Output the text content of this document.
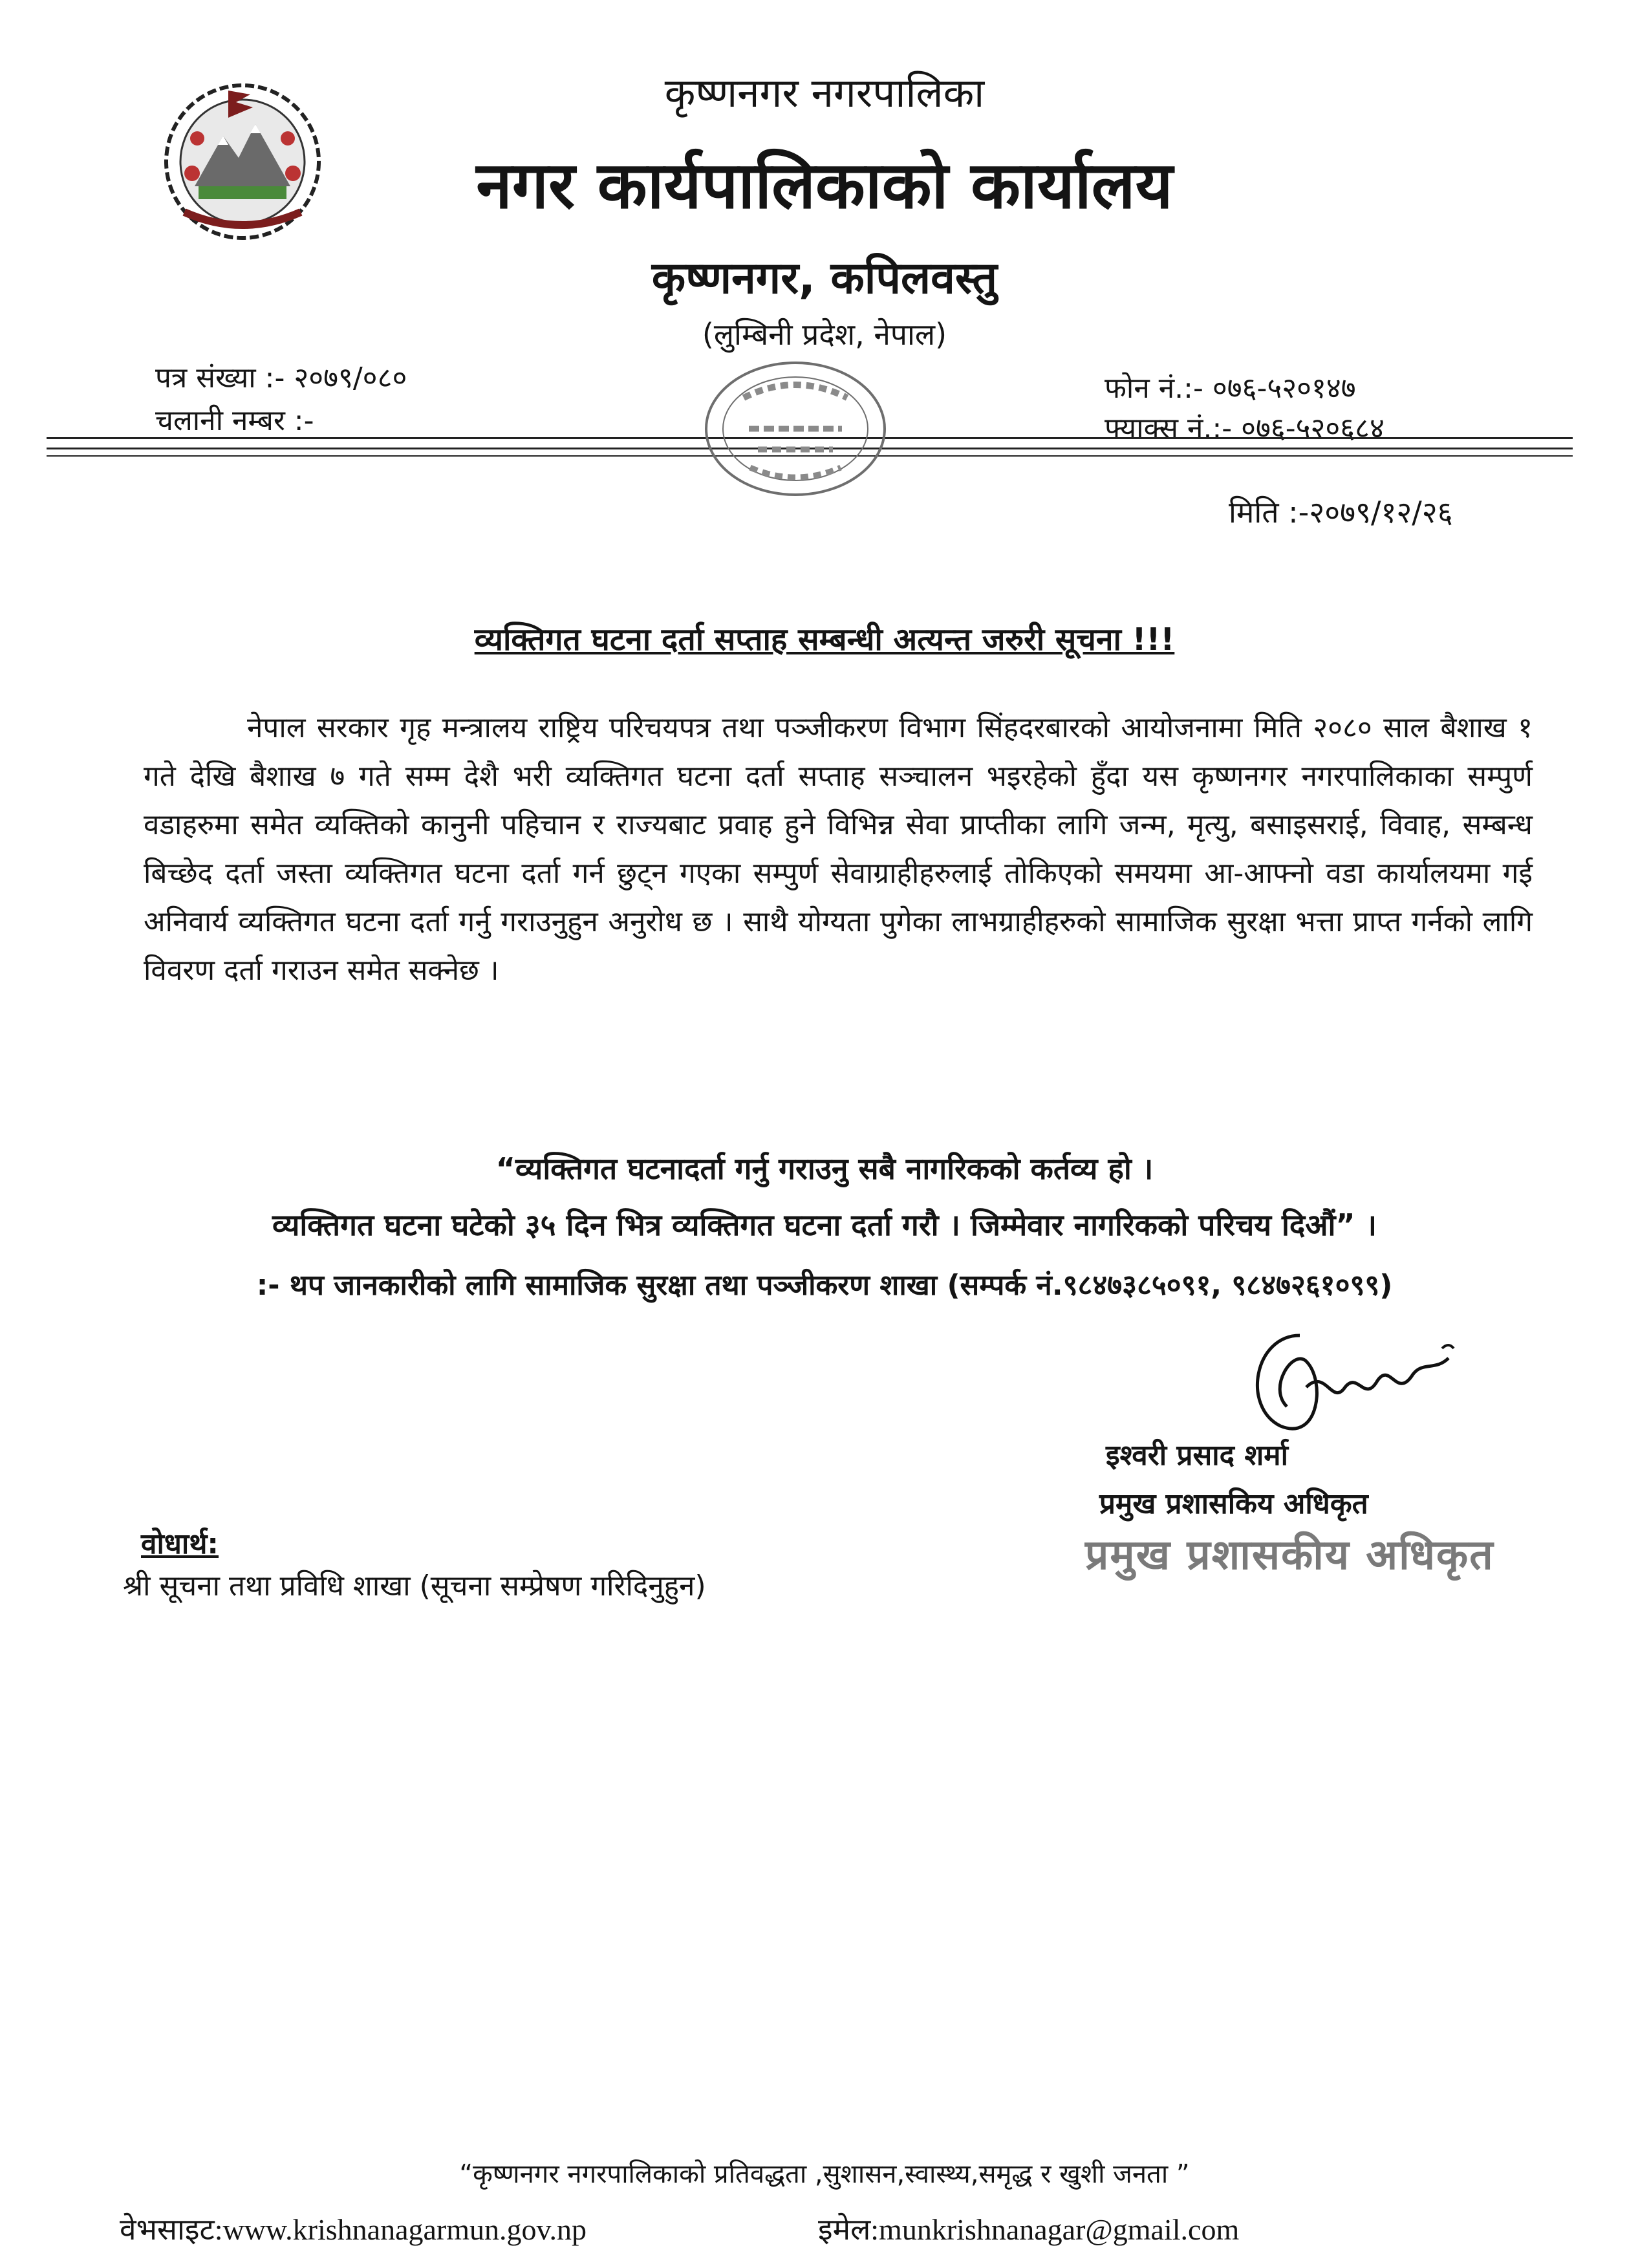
कृष्णनगर नगरपालिका
नगर कार्यपालिकाको कार्यालय
कृष्णनगर, कपिलवस्तु
(लुम्बिनी प्रदेश, नेपाल)
पत्र संख्या :- २०७९/०८०
चलानी नम्बर :-
फोन नं.:- ०७६-५२०१४७
फ्याक्स नं.:- ०७६-५२०६८४
मिति :-२०७९/१२/२६
व्यक्तिगत घटना दर्ता सप्ताह सम्बन्धी अत्यन्त जरुरी सूचना !!!
नेपाल सरकार गृह मन्त्रालय राष्ट्रिय परिचयपत्र तथा पञ्जीकरण विभाग सिंहदरबारको आयोजनामा मिति २०८० साल बैशाख १ गते देखि बैशाख ७ गते सम्म देशै भरी व्यक्तिगत घटना दर्ता सप्ताह सञ्चालन भइरहेको हुँदा यस कृष्णनगर नगरपालिकाका सम्पुर्ण वडाहरुमा समेत व्यक्तिको कानुनी पहिचान र राज्यबाट प्रवाह हुने विभिन्न सेवा प्राप्तीका लागि जन्म, मृत्यु, बसाइसराई, विवाह, सम्बन्ध बिच्छेद दर्ता जस्ता व्यक्तिगत घटना दर्ता गर्न छुट्न गएका सम्पुर्ण सेवाग्राहीहरुलाई तोकिएको समयमा आ-आफ्नो वडा कार्यालयमा गई अनिवार्य व्यक्तिगत घटना दर्ता गर्नु गराउनुहुन अनुरोध छ । साथै योग्यता पुगेका लाभग्राहीहरुको सामाजिक सुरक्षा भत्ता प्राप्त गर्नको लागि विवरण दर्ता गराउन समेत सक्नेछ ।
“व्यक्तिगत घटनादर्ता गर्नु गराउनु सबै नागरिकको कर्तव्य हो ।
व्यक्तिगत घटना घटेको ३५ दिन भित्र व्यक्तिगत घटना दर्ता गरौ । जिम्मेवार नागरिकको परिचय दिऔं” ।
:- थप जानकारीको लागि सामाजिक सुरक्षा तथा पञ्जीकरण शाखा (सम्पर्क नं.९८४७३८५०९१, ९८४७२६१०९९)
इश्वरी प्रसाद शर्मा
प्रमुख प्रशासकिय अधिकृत
प्रमुख प्रशासकीय अधिकृत
वोधार्थ:
श्री सूचना तथा प्रविधि शाखा (सूचना सम्प्रेषण गरिदिनुहुन)
“कृष्णनगर नगरपालिकाको प्रतिवद्धता ,सुशासन,स्वास्थ्य,समृद्ध र खुशी जनता ”
वेभसाइट:www.krishnanagarmun.gov.np	इमेल:munkrishnanagar@gmail.com
